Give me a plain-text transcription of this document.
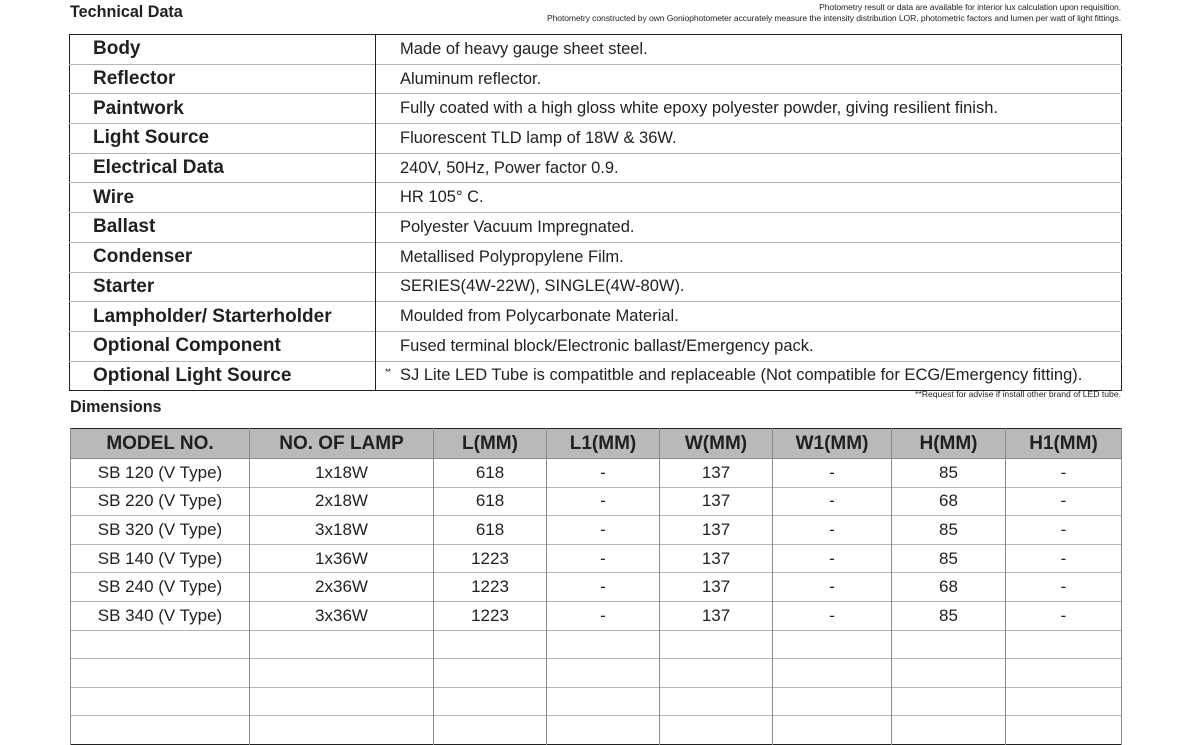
Technical Data	Photometry result or data are available for interior lux calculation upon requisition.
Photometry constructed by own Goniophotometer accurately measure the intensity distribution LOR, photometric factors and lumen per watt of light fittings.
Body	Made of heavy gauge sheet steel.
Reflector	Aluminum reflector.
Paintwork	Fully coated with a high gloss white epoxy polyester powder, giving resilient finish.
Light Source	Fluorescent TLD lamp of 18W & 36W.
Electrical Data	240V, 50Hz, Power factor 0.9.
Wire	HR 105° C.
Ballast	Polyester Vacuum Impregnated.
Condenser	Metallised Polypropylene Film.
Starter	SERIES(4W-22W), SINGLE(4W-80W).
Lampholder/ Starterholder	Moulded from Polycarbonate Material.
Optional Component	Fused terminal block/Electronic ballast/Emergency pack.
Optional Light Source	** SJ Lite LED Tube is compatitble and replaceable (Not compatible for ECG/Emergency fitting).
Dimensions
**Request for advise if install other brand of LED tube.
MODEL NO.	NO. OF LAMP	L(MM)	L1(MM)	W(MM)	W1(MM)	H(MM)	H1(MM)
SB 120 (V Type)	1x18W	618	-	137	-	85	-
SB 220 (V Type)	2x18W	618	-	137	-	68	-
SB 320 (V Type)	3x18W	618	-	137	-	85	-
SB 140 (V Type)	1x36W	1223	-	137	-	85	-
SB 240 (V Type)	2x36W	1223	-	137	-	68	-
SB 340 (V Type)	3x36W	1223	-	137	-	85	-
